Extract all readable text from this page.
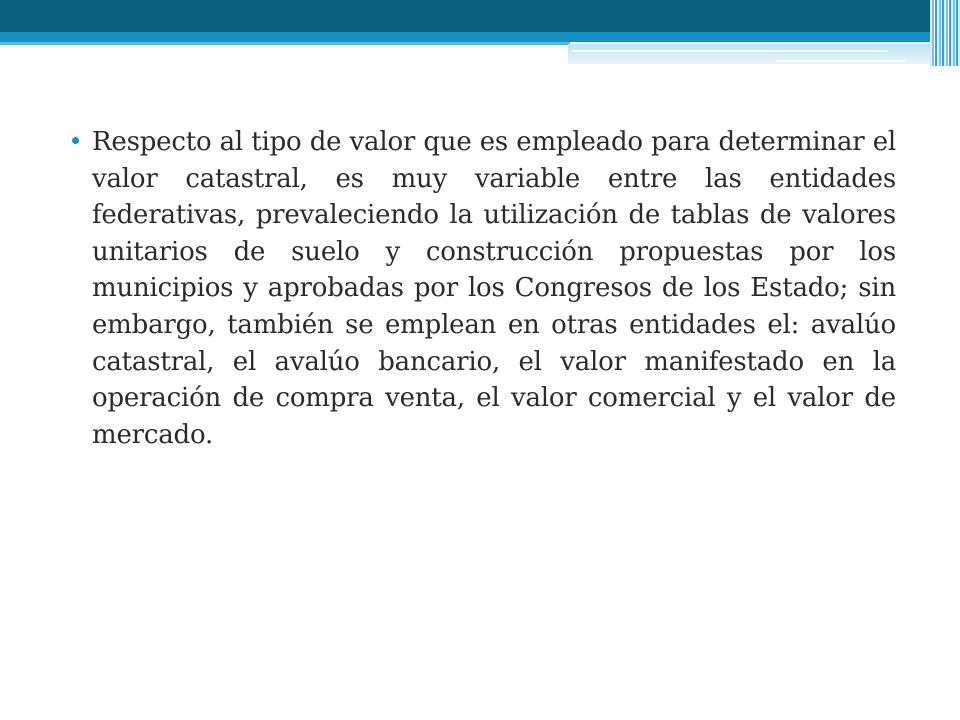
Respecto al tipo de valor que es empleado para determinar el valor catastral, es muy variable entre las entidades federativas, prevaleciendo la utilización de tablas de valores unitarios de suelo y construcción propuestas por los municipios y aprobadas por los Congresos de los Estado; sin embargo, también se emplean en otras entidades el: avalúo catastral, el avalúo bancario, el valor manifestado en la operación de compra venta, el valor comercial y el valor de mercado.
